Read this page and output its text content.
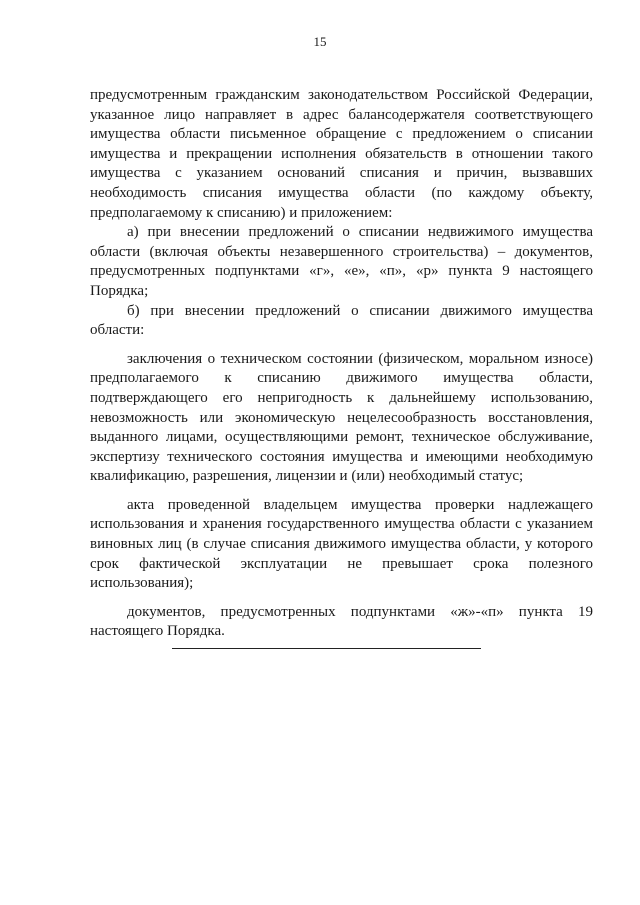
15

предусмотренным гражданским законодательством Российской Федерации, указанное лицо направляет в адрес балансодержателя соответствующего имущества области письменное обращение с предложением о списании имущества и прекращении исполнения обязательств в отношении такого имущества с указанием оснований списания и причин, вызвавших необходимость списания имущества области (по каждому объекту, предполагаемому к списанию) и приложением:

а) при внесении предложений о списании недвижимого имущества области (включая объекты незавершенного строительства) – документов, предусмотренных подпунктами «г», «е», «п», «р» пункта 9 настоящего Порядка;

б) при внесении предложений о списании движимого имущества области:

заключения о техническом состоянии (физическом, моральном износе) предполагаемого к списанию движимого имущества области, подтверждающего его непригодность к дальнейшему использованию, невозможность или экономическую нецелесообразность восстановления, выданного лицами, осуществляющими ремонт, техническое обслуживание, экспертизу технического состояния имущества и имеющими необходимую квалификацию, разрешения, лицензии и (или) необходимый статус;

акта проведенной владельцем имущества проверки надлежащего использования и хранения государственного имущества области с указанием виновных лиц (в случае списания движимого имущества области, у которого срок фактической эксплуатации не превышает срока полезного использования);

документов, предусмотренных подпунктами «ж»-«п» пункта 19 настоящего Порядка.
